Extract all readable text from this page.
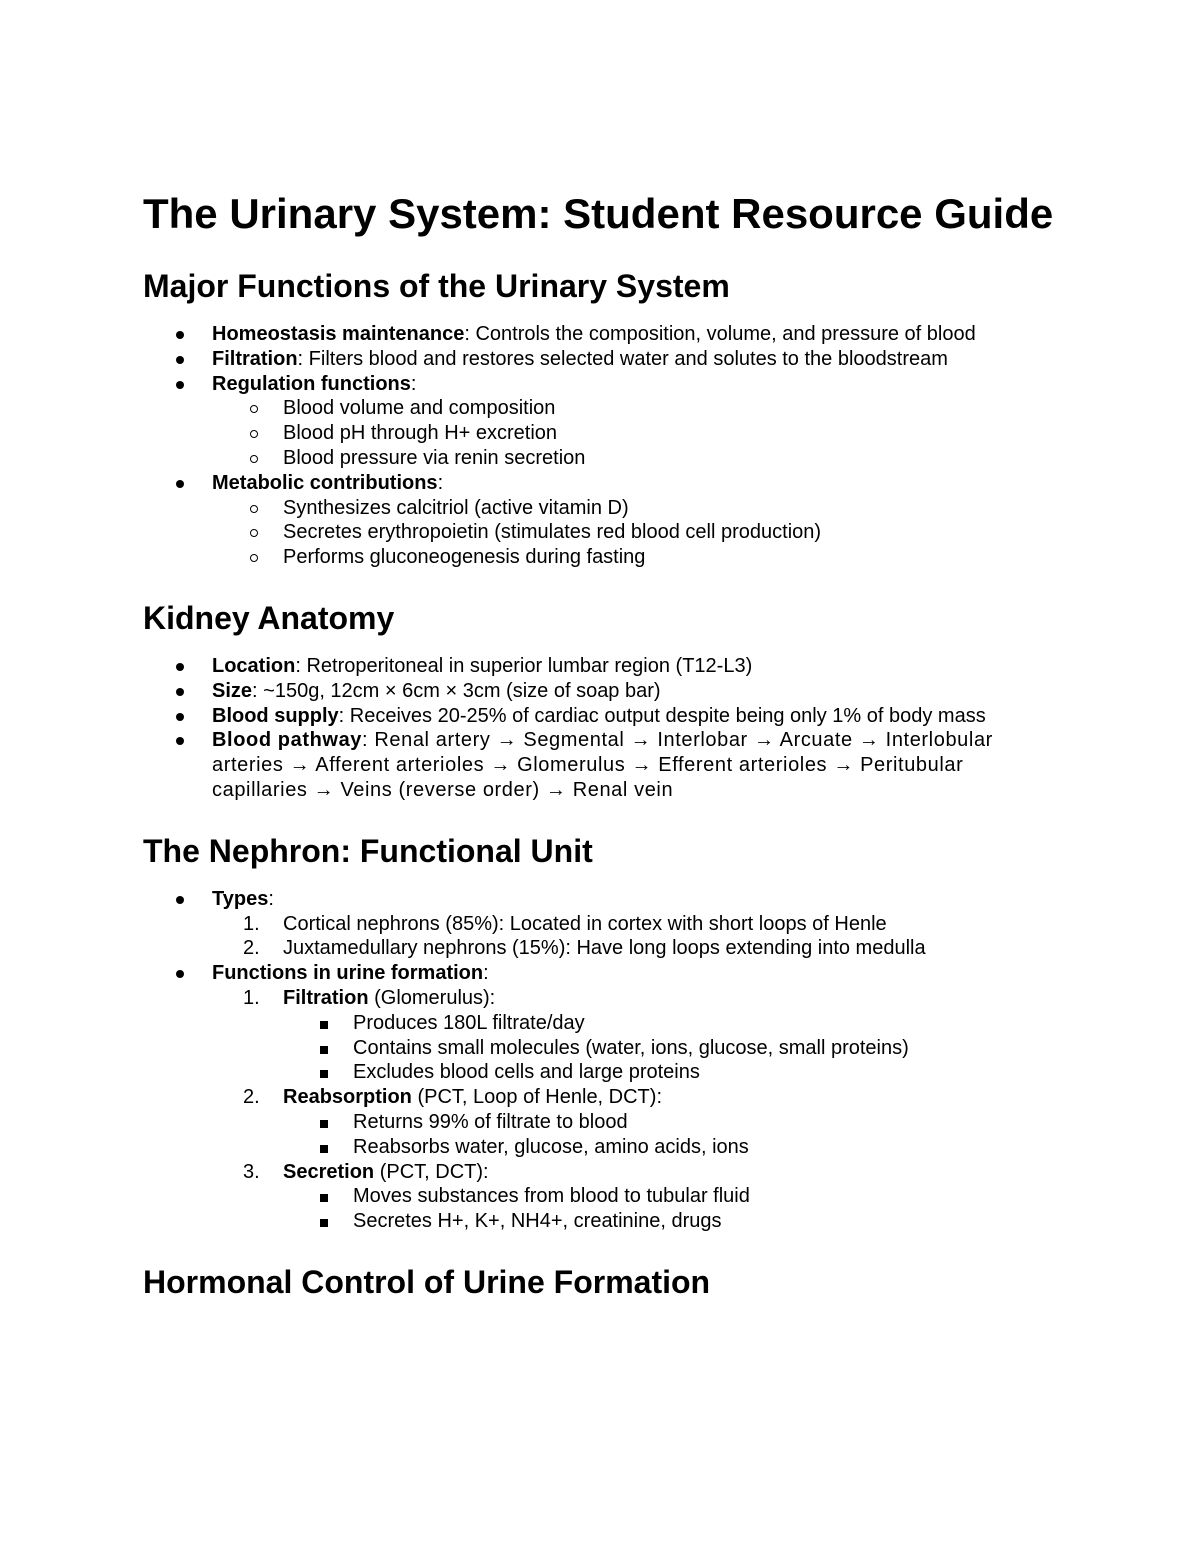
The Urinary System: Student Resource Guide
Major Functions of the Urinary System
Homeostasis maintenance: Controls the composition, volume, and pressure of blood
Filtration: Filters blood and restores selected water and solutes to the bloodstream
Regulation functions:
Blood volume and composition
Blood pH through H+ excretion
Blood pressure via renin secretion
Metabolic contributions:
Synthesizes calcitriol (active vitamin D)
Secretes erythropoietin (stimulates red blood cell production)
Performs gluconeogenesis during fasting
Kidney Anatomy
Location: Retroperitoneal in superior lumbar region (T12-L3)
Size: ~150g, 12cm × 6cm × 3cm (size of soap bar)
Blood supply: Receives 20-25% of cardiac output despite being only 1% of body mass
Blood pathway: Renal artery → Segmental → Interlobar → Arcuate → Interlobular arteries → Afferent arterioles → Glomerulus → Efferent arterioles → Peritubular capillaries → Veins (reverse order) → Renal vein
The Nephron: Functional Unit
Types:
1.	Cortical nephrons (85%): Located in cortex with short loops of Henle
2.	Juxtamedullary nephrons (15%): Have long loops extending into medulla
Functions in urine formation:
1.	Filtration (Glomerulus):
Produces 180L filtrate/day
Contains small molecules (water, ions, glucose, small proteins)
Excludes blood cells and large proteins
2.	Reabsorption (PCT, Loop of Henle, DCT):
Returns 99% of filtrate to blood
Reabsorbs water, glucose, amino acids, ions
3.	Secretion (PCT, DCT):
Moves substances from blood to tubular fluid
Secretes H+, K+, NH4+, creatinine, drugs
Hormonal Control of Urine Formation
